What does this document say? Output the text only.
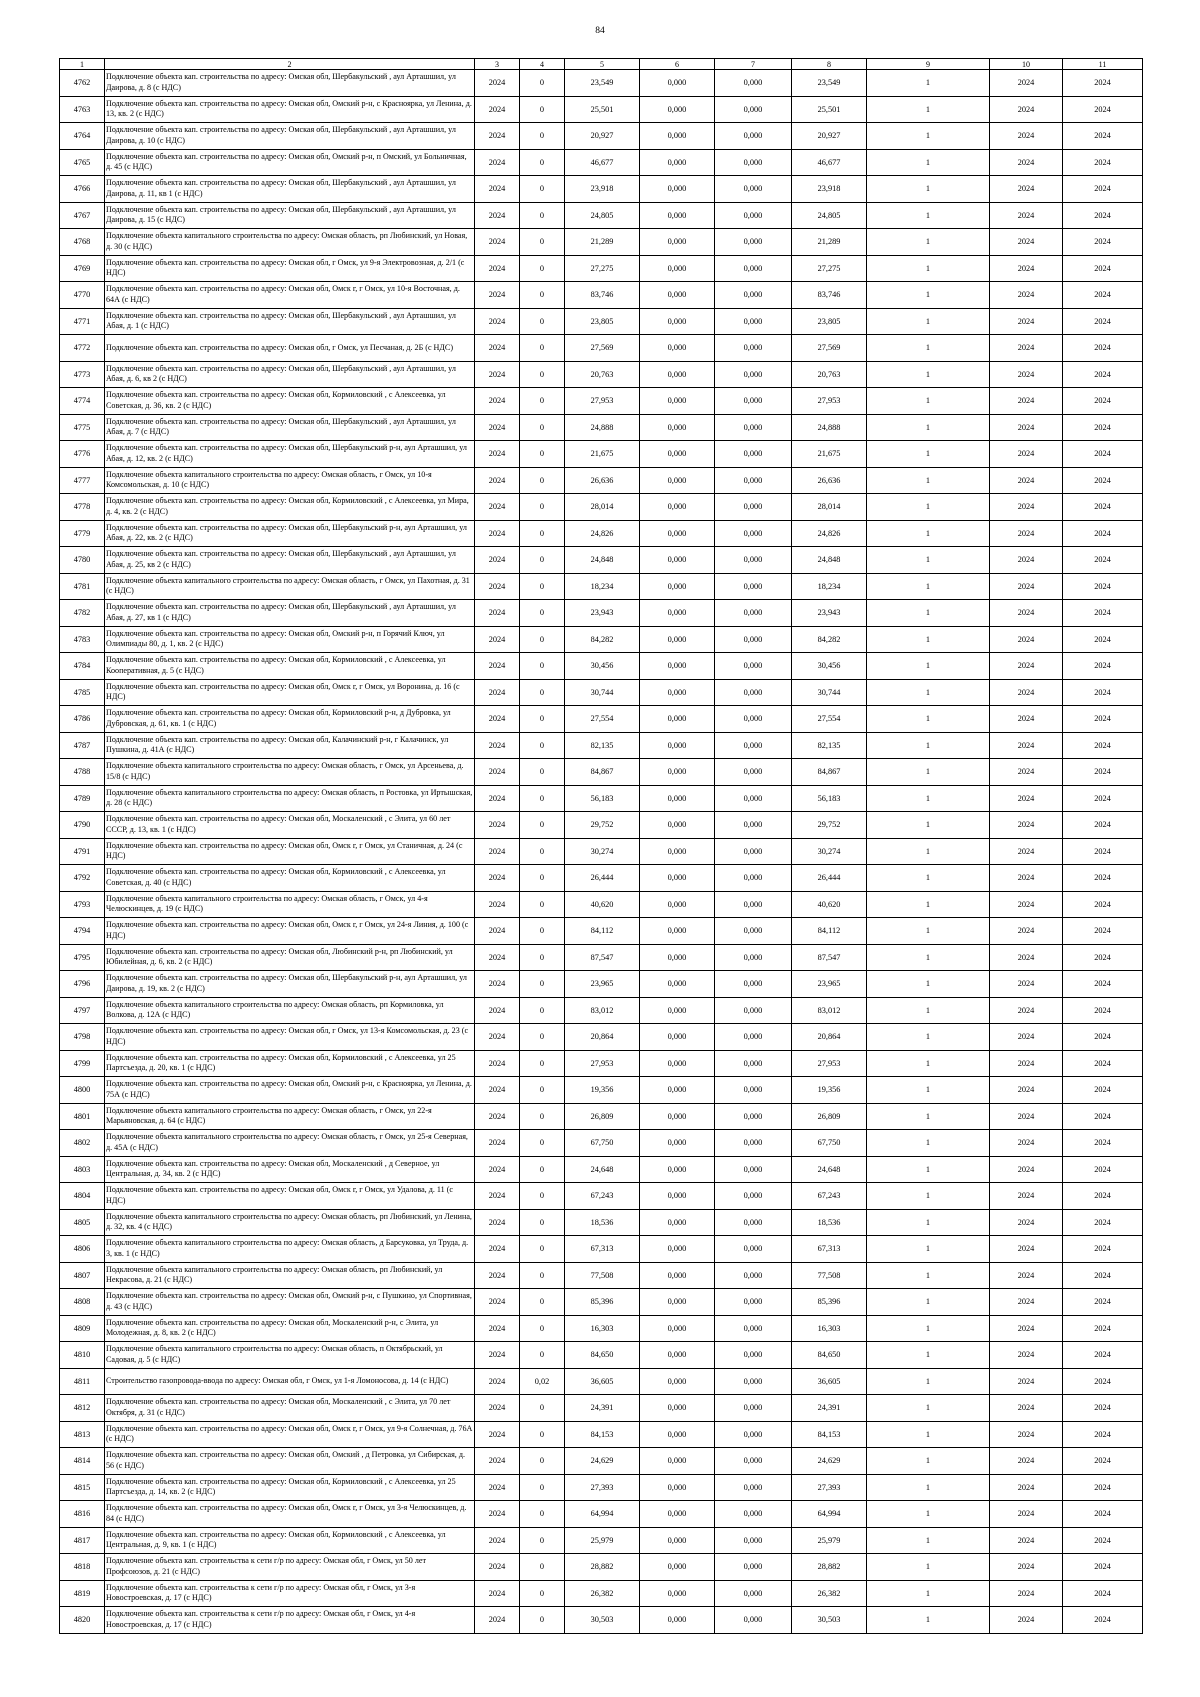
84
1	2	3	4	5	6	7	8	9	10	11
4762	Подключение объекта кап. строительства по адресу: Омская обл, Шербакульский , аул Арташшил, ул Даирова, д. 8 (с НДС)	2024	0	23,549	0,000	0,000	23,549	1	2024	2024
4763	Подключение объекта кап. строительства по адресу: Омская обл, Омский р-н, с Красноярка, ул Ленина, д. 13, кв. 2 (с НДС)	2024	0	25,501	0,000	0,000	25,501	1	2024	2024
4764	Подключение объекта кап. строительства по адресу: Омская обл, Шербакульский , аул Арташшил, ул Даирова, д. 10 (с НДС)	2024	0	20,927	0,000	0,000	20,927	1	2024	2024
4765	Подключение объекта кап. строительства по адресу: Омская обл, Омский р-н, п Омский, ул Больничная, д. 45 (с НДС)	2024	0	46,677	0,000	0,000	46,677	1	2024	2024
4766	Подключение объекта кап. строительства по адресу: Омская обл, Шербакульский , аул Арташшил, ул Даирова, д. 11, кв 1 (с НДС)	2024	0	23,918	0,000	0,000	23,918	1	2024	2024
4767	Подключение объекта кап. строительства по адресу: Омская обл, Шербакульский , аул Арташшил, ул Даирова, д. 15 (с НДС)	2024	0	24,805	0,000	0,000	24,805	1	2024	2024
4768	Подключение объекта капитального строительства по адресу: Омская область, рп Любинский, ул Новая, д. 30 (с НДС)	2024	0	21,289	0,000	0,000	21,289	1	2024	2024
4769	Подключение объекта кап. строительства по адресу: Омская обл, г Омск, ул 9-я Электровозная, д. 2/1 (с НДС)	2024	0	27,275	0,000	0,000	27,275	1	2024	2024
4770	Подключение объекта кап. строительства по адресу: Омская обл, Омск г, г Омск, ул 10-я Восточная, д. 64А (с НДС)	2024	0	83,746	0,000	0,000	83,746	1	2024	2024
4771	Подключение объекта кап. строительства по адресу: Омская обл, Шербакульский , аул Арташшил, ул Абая, д. 1 (с НДС)	2024	0	23,805	0,000	0,000	23,805	1	2024	2024
4772	Подключение объекта кап. строительства по адресу: Омская обл, г Омск, ул Песчаная, д. 2Б (с НДС)	2024	0	27,569	0,000	0,000	27,569	1	2024	2024
4773	Подключение объекта кап. строительства по адресу: Омская обл, Шербакульский , аул Арташшил, ул Абая, д. 6, кв 2 (с НДС)	2024	0	20,763	0,000	0,000	20,763	1	2024	2024
4774	Подключение объекта кап. строительства по адресу: Омская обл, Кормиловский , с Алексеевка, ул Советская, д. 36, кв. 2 (с НДС)	2024	0	27,953	0,000	0,000	27,953	1	2024	2024
4775	Подключение объекта кап. строительства по адресу: Омская обл, Шербакульский , аул Арташшил, ул Абая, д. 7 (с НДС)	2024	0	24,888	0,000	0,000	24,888	1	2024	2024
4776	Подключение объекта кап. строительства по адресу: Омская обл, Шербакульский р-н, аул Арташшил, ул Абая, д. 12, кв. 2 (с НДС)	2024	0	21,675	0,000	0,000	21,675	1	2024	2024
4777	Подключение объекта капитального строительства по адресу: Омская область, г Омск, ул 10-я Комсомольская, д. 10 (с НДС)	2024	0	26,636	0,000	0,000	26,636	1	2024	2024
4778	Подключение объекта кап. строительства по адресу: Омская обл, Кормиловский , с Алексеевка, ул Мира, д. 4, кв. 2 (с НДС)	2024	0	28,014	0,000	0,000	28,014	1	2024	2024
4779	Подключение объекта кап. строительства по адресу: Омская обл, Шербакульский р-н, аул Арташшил, ул Абая, д. 22, кв. 2 (с НДС)	2024	0	24,826	0,000	0,000	24,826	1	2024	2024
4780	Подключение объекта кап. строительства по адресу: Омская обл, Шербакульский , аул Арташшил, ул Абая, д. 25, кв 2 (с НДС)	2024	0	24,848	0,000	0,000	24,848	1	2024	2024
4781	Подключение объекта капитального строительства по адресу: Омская область, г Омск, ул Пахотная, д. 31 (с НДС)	2024	0	18,234	0,000	0,000	18,234	1	2024	2024
4782	Подключение объекта кап. строительства по адресу: Омская обл, Шербакульский , аул Арташшил, ул Абая, д. 27, кв 1 (с НДС)	2024	0	23,943	0,000	0,000	23,943	1	2024	2024
4783	Подключение объекта кап. строительства по адресу: Омская обл, Омский р-н, п Горячий Ключ, ул Олимпиады 80, д. 1, кв. 2 (с НДС)	2024	0	84,282	0,000	0,000	84,282	1	2024	2024
4784	Подключение объекта кап. строительства по адресу: Омская обл, Кормиловский , с Алексеевка, ул Кооперативная, д. 5 (с НДС)	2024	0	30,456	0,000	0,000	30,456	1	2024	2024
4785	Подключение объекта кап. строительства по адресу: Омская обл, Омск г, г Омск, ул Воронина, д. 16 (с НДС)	2024	0	30,744	0,000	0,000	30,744	1	2024	2024
4786	Подключение объекта кап. строительства по адресу: Омская обл, Кормиловский р-н, д Дубровка, ул Дубровская, д. 61, кв. 1 (с НДС)	2024	0	27,554	0,000	0,000	27,554	1	2024	2024
4787	Подключение объекта кап. строительства по адресу: Омская обл, Калачинский р-н, г Калачинск, ул Пушкина, д. 41А (с НДС)	2024	0	82,135	0,000	0,000	82,135	1	2024	2024
4788	Подключение объекта капитального строительства по адресу: Омская область, г Омск, ул Арсеньева, д. 15/8 (с НДС)	2024	0	84,867	0,000	0,000	84,867	1	2024	2024
4789	Подключение объекта капитального строительства по адресу: Омская область, п Ростовка, ул Иртышская, д. 28 (с НДС)	2024	0	56,183	0,000	0,000	56,183	1	2024	2024
4790	Подключение объекта кап. строительства по адресу: Омская обл, Москаленский , с Элита, ул 60 лет СССР, д. 13, кв. 1 (с НДС)	2024	0	29,752	0,000	0,000	29,752	1	2024	2024
4791	Подключение объекта кап. строительства по адресу: Омская обл, Омск г, г Омск, ул Станичная, д. 24 (с НДС)	2024	0	30,274	0,000	0,000	30,274	1	2024	2024
4792	Подключение объекта кап. строительства по адресу: Омская обл, Кормиловский , с Алексеевка, ул Советская, д. 40 (с НДС)	2024	0	26,444	0,000	0,000	26,444	1	2024	2024
4793	Подключение объекта капитального строительства по адресу: Омская область, г Омск, ул 4-я Челюскинцев, д. 19 (с НДС)	2024	0	40,620	0,000	0,000	40,620	1	2024	2024
4794	Подключение объекта кап. строительства по адресу: Омская обл, Омск г, г Омск, ул 24-я Линия, д. 100 (с НДС)	2024	0	84,112	0,000	0,000	84,112	1	2024	2024
4795	Подключение объекта кап. строительства по адресу: Омская обл, Любинский р-н, рп Любинский, ул Юбилейная, д. 6, кв. 2 (с НДС)	2024	0	87,547	0,000	0,000	87,547	1	2024	2024
4796	Подключение объекта кап. строительства по адресу: Омская обл, Шербакульский р-н, аул Арташшил, ул Даирова, д. 19, кв. 2 (с НДС)	2024	0	23,965	0,000	0,000	23,965	1	2024	2024
4797	Подключение объекта капитального строительства по адресу: Омская область, рп Кормиловка, ул Волкова, д. 12А (с НДС)	2024	0	83,012	0,000	0,000	83,012	1	2024	2024
4798	Подключение объекта кап. строительства по адресу: Омская обл, г Омск, ул 13-я Комсомольская, д. 23 (с НДС)	2024	0	20,864	0,000	0,000	20,864	1	2024	2024
4799	Подключение объекта кап. строительства по адресу: Омская обл, Кормиловский , с Алексеевка, ул 25 Партсъезда, д. 20, кв. 1 (с НДС)	2024	0	27,953	0,000	0,000	27,953	1	2024	2024
4800	Подключение объекта кап. строительства по адресу: Омская обл, Омский р-н, с Красноярка, ул Ленина, д. 75А (с НДС)	2024	0	19,356	0,000	0,000	19,356	1	2024	2024
4801	Подключение объекта капитального строительства по адресу: Омская область, г Омск, ул 22-я Марьяновская, д. 64 (с НДС)	2024	0	26,809	0,000	0,000	26,809	1	2024	2024
4802	Подключение объекта капитального строительства по адресу: Омская область, г Омск, ул 25-я Северная, д. 45А (с НДС)	2024	0	67,750	0,000	0,000	67,750	1	2024	2024
4803	Подключение объекта кап. строительства по адресу: Омская обл, Москаленский , д Северное, ул Центральная, д. 34, кв. 2 (с НДС)	2024	0	24,648	0,000	0,000	24,648	1	2024	2024
4804	Подключение объекта кап. строительства по адресу: Омская обл, Омск г, г Омск, ул Удалова, д. 11 (с НДС)	2024	0	67,243	0,000	0,000	67,243	1	2024	2024
4805	Подключение объекта капитального строительства по адресу: Омская область, рп Любинский, ул Ленина, д. 32, кв. 4 (с НДС)	2024	0	18,536	0,000	0,000	18,536	1	2024	2024
4806	Подключение объекта капитального строительства по адресу: Омская область, д Барсуковка, ул Труда, д. 3, кв. 1 (с НДС)	2024	0	67,313	0,000	0,000	67,313	1	2024	2024
4807	Подключение объекта капитального строительства по адресу: Омская область, рп Любинский, ул Некрасова, д. 21 (с НДС)	2024	0	77,508	0,000	0,000	77,508	1	2024	2024
4808	Подключение объекта кап. строительства по адресу: Омская обл, Омский р-н, с Пушкино, ул Спортивная, д. 43 (с НДС)	2024	0	85,396	0,000	0,000	85,396	1	2024	2024
4809	Подключение объекта кап. строительства по адресу: Омская обл, Москаленский р-н, с Элита, ул Молодежная, д. 8, кв. 2 (с НДС)	2024	0	16,303	0,000	0,000	16,303	1	2024	2024
4810	Подключение объекта капитального строительства по адресу: Омская область, п Октябрьский, ул Садовая, д. 5 (с НДС)	2024	0	84,650	0,000	0,000	84,650	1	2024	2024
4811	Строительство газопровода-ввода по адресу: Омская обл, г Омск, ул 1-я Ломоносова, д. 14 (с НДС)	2024	0,02	36,605	0,000	0,000	36,605	1	2024	2024
4812	Подключение объекта кап. строительства по адресу: Омская обл, Москаленский , с Элита, ул 70 лет Октября, д. 31 (с НДС)	2024	0	24,391	0,000	0,000	24,391	1	2024	2024
4813	Подключение объекта кап. строительства по адресу: Омская обл, Омск г, г Омск, ул 9-я Солнечная, д. 76А (с НДС)	2024	0	84,153	0,000	0,000	84,153	1	2024	2024
4814	Подключение объекта кап. строительства по адресу: Омская обл, Омский , д Петровка, ул Сибирская, д. 56 (с НДС)	2024	0	24,629	0,000	0,000	24,629	1	2024	2024
4815	Подключение объекта кап. строительства по адресу: Омская обл, Кормиловский , с Алексеевка, ул 25 Партсъезда, д. 14, кв. 2 (с НДС)	2024	0	27,393	0,000	0,000	27,393	1	2024	2024
4816	Подключение объекта кап. строительства по адресу: Омская обл, Омск г, г Омск, ул 3-я Челюскинцев, д. 84 (с НДС)	2024	0	64,994	0,000	0,000	64,994	1	2024	2024
4817	Подключение объекта кап. строительства по адресу: Омская обл, Кормиловский , с Алексеевка, ул Центральная, д. 9, кв. 1 (с НДС)	2024	0	25,979	0,000	0,000	25,979	1	2024	2024
4818	Подключение объекта кап. строительства к сети г/р по адресу: Омская обл, г Омск, ул 50 лет Профсоюзов, д. 21 (с НДС)	2024	0	28,882	0,000	0,000	28,882	1	2024	2024
4819	Подключение объекта кап. строительства к сети г/р по адресу: Омская обл, г Омск, ул 3-я Новостроевская, д. 17 (с НДС)	2024	0	26,382	0,000	0,000	26,382	1	2024	2024
4820	Подключение объекта кап. строительства к сети г/р по адресу: Омская обл, г Омск, ул 4-я Новостроевская, д. 17 (с НДС)	2024	0	30,503	0,000	0,000	30,503	1	2024	2024
